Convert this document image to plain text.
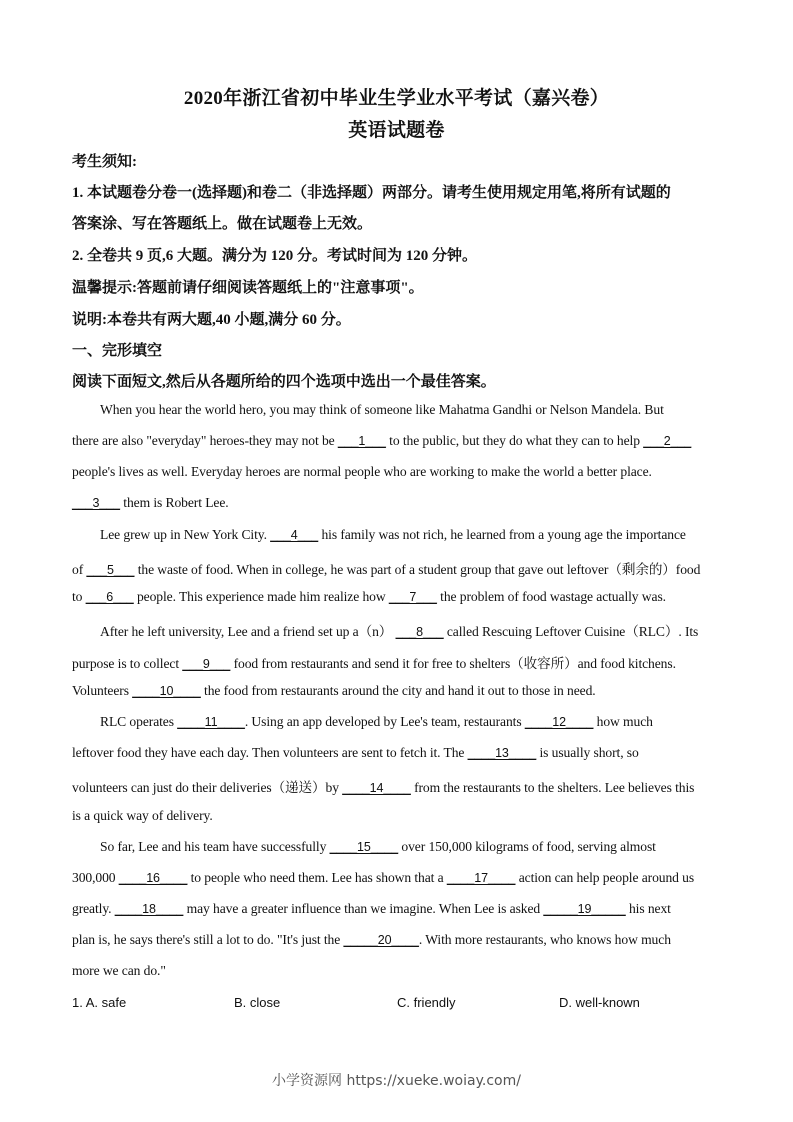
2020年浙江省初中毕业生学业水平考试（嘉兴卷）
英语试题卷
考生须知:
1. 本试题卷分卷一(选择题)和卷二（非选择题）两部分。请考生使用规定用笔,将所有试题的
答案涂、写在答题纸上。做在试题卷上无效。
2. 全卷共 9 页,6 大题。满分为 120 分。考试时间为 120 分钟。
温馨提示:答题前请仔细阅读答题纸上的"注意事项"。
说明:本卷共有两大题,40 小题,满分 60 分。
一、完形填空
阅读下面短文,然后从各题所给的四个选项中选出一个最佳答案。
When you hear the world hero, you may think of someone like Mahatma Gandhi or Nelson Mandela. But
there are also "everyday" heroes-they may not be ___1___ to the public, but they do what they can to help ___2___
people's lives as well. Everyday heroes are normal people who are working to make the world a better place.
___3___ them is Robert Lee.
Lee grew up in New York City. ___4___ his family was not rich, he learned from a young age the importance
of ___5___ the waste of food. When in college, he was part of a student group that gave out leftover（剩余的）food
to ___6___ people. This experience made him realize how ___7___ the problem of food wastage actually was.
After he left university, Lee and a friend set up a（n） ___8___ called Rescuing Leftover Cuisine（RLC）. Its
purpose is to collect ___9___ food from restaurants and send it for free to shelters（收容所）and food kitchens.
Volunteers ____10____ the food from restaurants around the city and hand it out to those in need.
RLC operates ____11____. Using an app developed by Lee's team, restaurants ____12____ how much
leftover food they have each day. Then volunteers are sent to fetch it. The ____13____ is usually short, so
volunteers can just do their deliveries（递送）by ____14____ from the restaurants to the shelters. Lee believes this
is a quick way of delivery.
So far, Lee and his team have successfully ____15____ over 150,000 kilograms of food, serving almost
300,000 ____16____ to people who need them. Lee has shown that a ____17____ action can help people around us
greatly. ____18____ may have a greater influence than we imagine. When Lee is asked _____19_____ his next
plan is, he says there's still a lot to do. "It's just the _____20____. With more restaurants, who knows how much
more we can do."
1. A. safe	B. close	C. friendly	D. well-known
小学资源网 https://xueke.woiay.com/
